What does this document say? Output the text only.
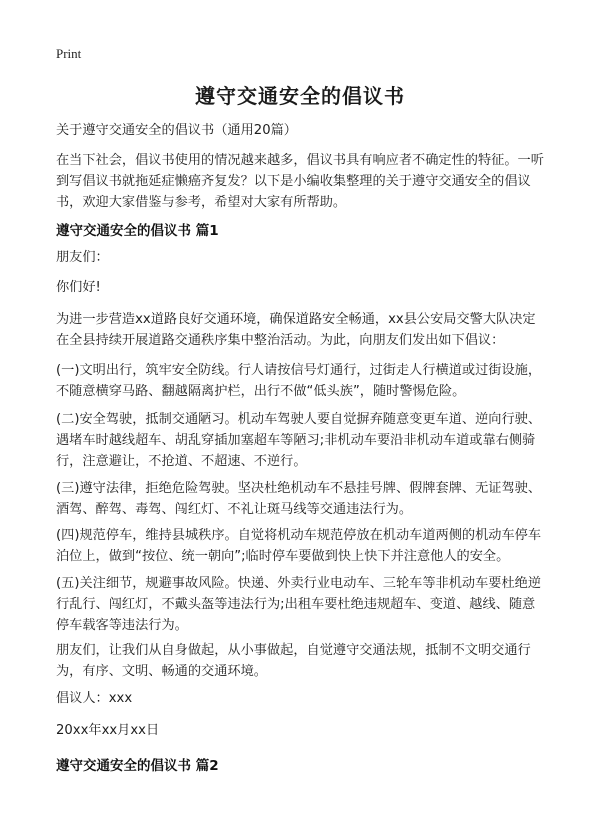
Print
遵守交通安全的倡议书
关于遵守交通安全的倡议书（通用20篇）
在当下社会，倡议书使用的情况越来越多，倡议书具有响应者不确定性的特征。一听到写倡议书就拖延症懒癌齐复发？以下是小编收集整理的关于遵守交通安全的倡议书，欢迎大家借鉴与参考，希望对大家有所帮助。
遵守交通安全的倡议书 篇1
朋友们：
你们好!
为进一步营造xx道路良好交通环境，确保道路安全畅通，xx县公安局交警大队决定在全县持续开展道路交通秩序集中整治活动。为此，向朋友们发出如下倡议：
(一)文明出行，筑牢安全防线。行人请按信号灯通行，过街走人行横道或过街设施，不随意横穿马路、翻越隔离护栏，出行不做“低头族”，随时警惕危险。
(二)安全驾驶，抵制交通陋习。机动车驾驶人要自觉摒弃随意变更车道、逆向行驶、遇堵车时越线超车、胡乱穿插加塞超车等陋习;非机动车要沿非机动车道或靠右侧骑行，注意避让，不抢道、不超速、不逆行。
(三)遵守法律，拒绝危险驾驶。坚决杜绝机动车不悬挂号牌、假牌套牌、无证驾驶、酒驾、醉驾、毒驾、闯红灯、不礼让斑马线等交通违法行为。
(四)规范停车，维持县城秩序。自觉将机动车规范停放在机动车道两侧的机动车停车泊位上，做到“按位、统一朝向”;临时停车要做到快上快下并注意他人的安全。
(五)关注细节，规避事故风险。快递、外卖行业电动车、三轮车等非机动车要杜绝逆行乱行、闯红灯，不戴头盔等违法行为;出租车要杜绝违规超车、变道、越线、随意停车载客等违法行为。
朋友们，让我们从自身做起，从小事做起，自觉遵守交通法规，抵制不文明交通行为，有序、文明、畅通的交通环境。
倡议人：xxx
20xx年xx月xx日
遵守交通安全的倡议书 篇2
